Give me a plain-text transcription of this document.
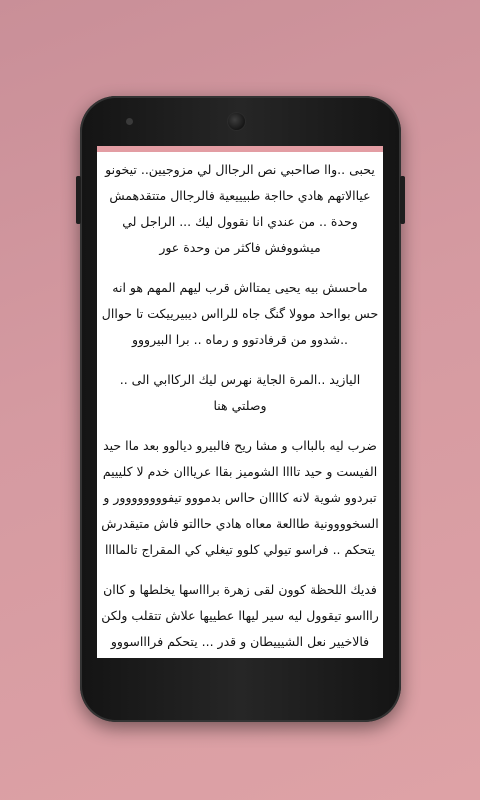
يحبى ..واا صااحبي نص الرجاال لي مزوجيين.. تيخونو عياالاتهم هادي حااجة طبيييعية فالرجاال متتقدهمش وحدة .. من عندي انا نقوول ليك ... الراجل لي ميشووفش فاكثر من وحدة عور

ماحسش بيه يحيى يمتااش قرب ليهم المهم هو انه حس بوااحد موولا گنگ جاه للرااس ديبيرييكت تا حواال ..شدوو من قرفادتوو و رماه .. برا البيرووو

اليازيد ..المرة الجاية نهرس ليك الركاابي الى .. وصلتي هنا

ضرب ليه بالبااب و مشا ريح فالبيرو ديالوو بعد ماا حيد الفيست و حيد تاااا الشوميز بقاا عريااان خدم لا كليييم تبردوو شوية لانه كاااان حااس بدمووو تيفوووووووور و السخوووونية طاالعة معااه هادي حاالتو فاش متيقدرش يتحكم .. فراسو تيولي كلوو تيغلي كي المقراج تالماااا

فديك اللحظة كوون لقى زهرة براااسها يخلطها و كاان راااسو تيقوول ليه سير ليهاا عطييها علاش تتقلب ولكن فالاخيير نعل الشيييطان و قدر ... يتحكم فراااسووو
